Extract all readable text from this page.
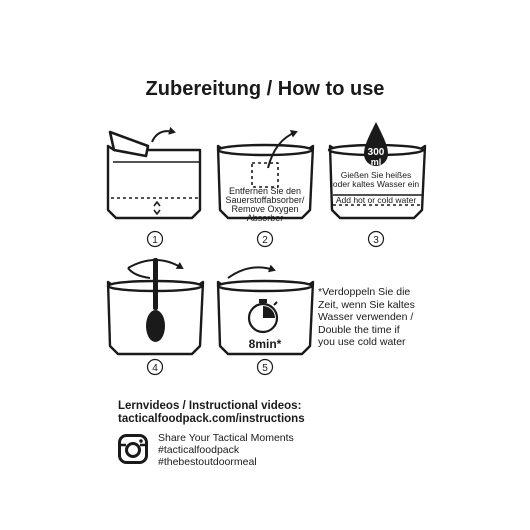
Zubereitung / How to use
1
Entfernen Sie den
Sauerstoffabsorber/
Remove Oxygen
Absorber
2
300
ml
Gießen Sie heißes
oder kaltes Wasser ein
Add hot or cold water
3
4
8min*
5
*Verdoppeln Sie die
Zeit, wenn Sie kaltes
Wasser verwenden /
Double the time if
you use cold water
Lernvideos / Instructional videos:
tacticalfoodpack.com/instructions
Share Your Tactical Moments
#tacticalfoodpack
#thebestoutdoormeal
